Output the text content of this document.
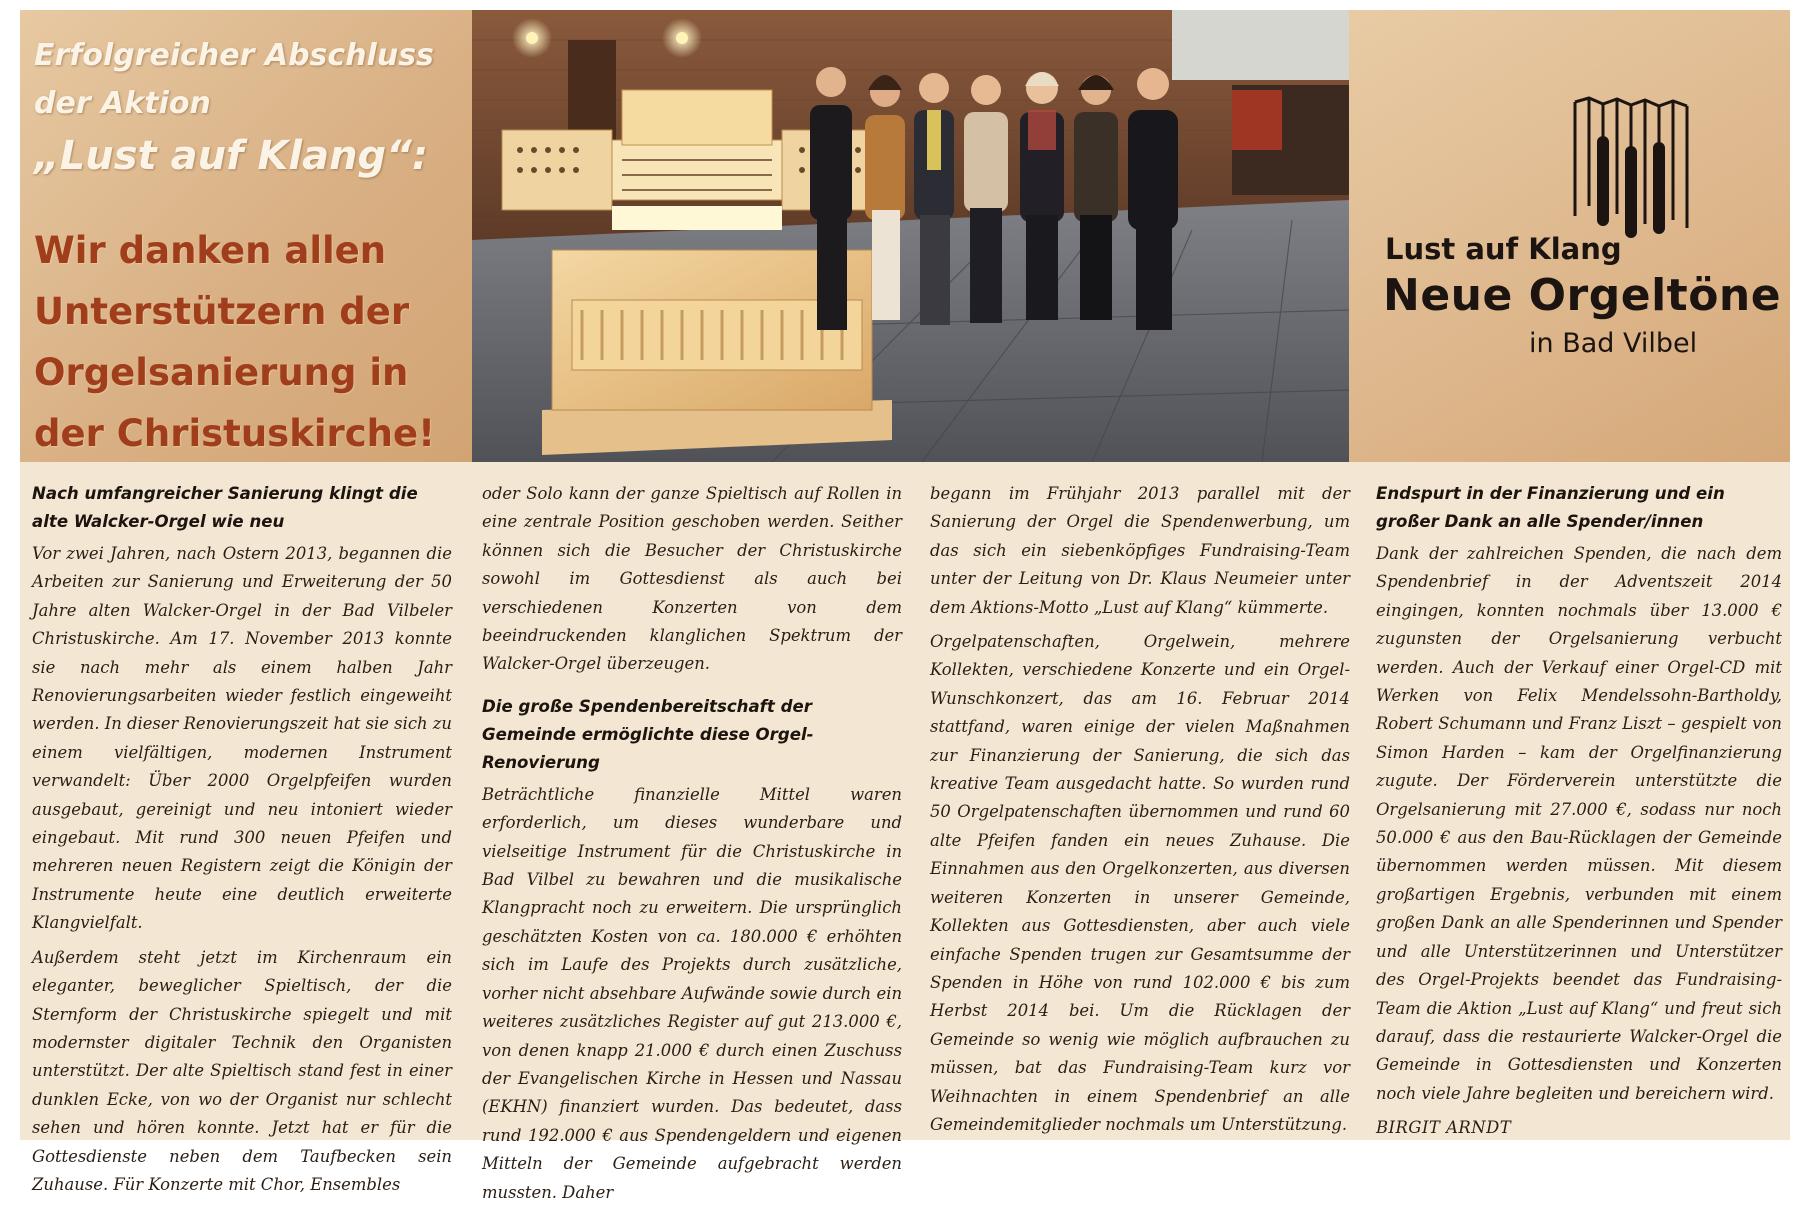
Erfolgreicher Abschluss
der Aktion
„Lust auf Klang“:
Wir danken allen
Unterstützern der
Orgelsanierung in
der Christuskirche!
Lust auf Klang
Neue Orgeltöne
in Bad Vilbel
Nach umfangreicher Sanierung klingt die alte Walcker-Orgel wie neu

Vor zwei Jahren, nach Ostern 2013, begannen die Arbeiten zur Sanierung und Erweiterung der 50 Jahre alten Walcker-Orgel in der Bad Vilbeler Christuskirche. Am 17. November 2013 konnte sie nach mehr als einem halben Jahr Renovierungsarbeiten wieder festlich eingeweiht werden. In dieser Renovierungszeit hat sie sich zu einem vielfältigen, modernen Instrument verwandelt: Über 2000 Orgelpfeifen wurden ausgebaut, gereinigt und neu intoniert wieder eingebaut. Mit rund 300 neuen Pfeifen und mehreren neuen Registern zeigt die Königin der Instrumente heute eine deutlich erweiterte Klangvielfalt.

Außerdem steht jetzt im Kirchenraum ein eleganter, beweglicher Spieltisch, der die Sternform der Christuskirche spiegelt und mit modernster digitaler Technik den Organisten unterstützt. Der alte Spieltisch stand fest in einer dunklen Ecke, von wo der Organist nur schlecht sehen und hören konnte. Jetzt hat er für die Gottesdienste neben dem Taufbecken sein Zuhause. Für Konzerte mit Chor, Ensembles

oder Solo kann der ganze Spieltisch auf Rollen in eine zentrale Position geschoben werden. Seither können sich die Besucher der Christuskirche sowohl im Gottesdienst als auch bei verschiedenen Konzerten von dem beeindruckenden klanglichen Spektrum der Walcker-Orgel überzeugen.

Die große Spendenbereitschaft der Gemeinde ermöglichte diese Orgel-Renovierung

Beträchtliche finanzielle Mittel waren erforderlich, um dieses wunderbare und vielseitige Instrument für die Christuskirche in Bad Vilbel zu bewahren und die musikalische Klangpracht noch zu erweitern. Die ursprünglich geschätzten Kosten von ca. 180.000 € erhöhten sich im Laufe des Projekts durch zusätzliche, vorher nicht absehbare Aufwände sowie durch ein weiteres zusätzliches Register auf gut 213.000 €, von denen knapp 21.000 € durch einen Zuschuss der Evangelischen Kirche in Hessen und Nassau (EKHN) finanziert wurden. Das bedeutet, dass rund 192.000 € aus Spendengeldern und eigenen Mitteln der Gemeinde aufgebracht werden mussten. Daher

begann im Frühjahr 2013 parallel mit der Sanierung der Orgel die Spendenwerbung, um das sich ein siebenköpfiges Fundraising-Team unter der Leitung von Dr. Klaus Neumeier unter dem Aktions-Motto „Lust auf Klang“ kümmerte.

Orgelpatenschaften, Orgelwein, mehrere Kollekten, verschiedene Konzerte und ein Orgel-Wunschkonzert, das am 16. Februar 2014 stattfand, waren einige der vielen Maßnahmen zur Finanzierung der Sanierung, die sich das kreative Team ausgedacht hatte. So wurden rund 50 Orgelpatenschaften übernommen und rund 60 alte Pfeifen fanden ein neues Zuhause. Die Einnahmen aus den Orgelkonzerten, aus diversen weiteren Konzerten in unserer Gemeinde, Kollekten aus Gottesdiensten, aber auch viele einfache Spenden trugen zur Gesamtsumme der Spenden in Höhe von rund 102.000 € bis zum Herbst 2014 bei. Um die Rücklagen der Gemeinde so wenig wie möglich aufbrauchen zu müssen, bat das Fundraising-Team kurz vor Weihnachten in einem Spendenbrief an alle Gemeindemitglieder nochmals um Unterstützung.

Endspurt in der Finanzierung und ein großer Dank an alle Spender/innen

Dank der zahlreichen Spenden, die nach dem Spendenbrief in der Adventszeit 2014 eingingen, konnten nochmals über 13.000 € zugunsten der Orgelsanierung verbucht werden. Auch der Verkauf einer Orgel-CD mit Werken von Felix Mendelssohn-Bartholdy, Robert Schumann und Franz Liszt – gespielt von Simon Harden – kam der Orgelfinanzierung zugute. Der Förderverein unterstützte die Orgelsanierung mit 27.000 €, sodass nur noch 50.000 € aus den Bau-Rücklagen der Gemeinde übernommen werden müssen. Mit diesem großartigen Ergebnis, verbunden mit einem großen Dank an alle Spenderinnen und Spender und alle Unterstützerinnen und Unterstützer des Orgel-Projekts beendet das Fundraising-Team die Aktion „Lust auf Klang“ und freut sich darauf, dass die restaurierte Walcker-Orgel die Gemeinde in Gottesdiensten und Konzerten noch viele Jahre begleiten und bereichern wird.

BIRGIT ARNDT
